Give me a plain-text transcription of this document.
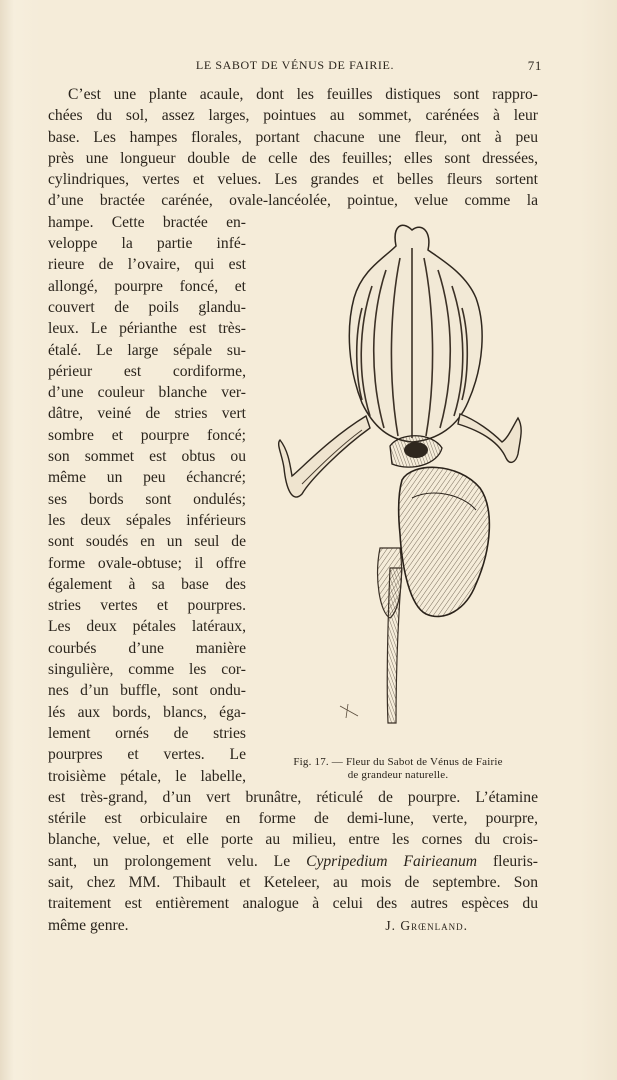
LE SABOT DE VÉNUS DE FAIRIE.	71
C’est une plante acaule, dont les feuilles distiques sont rappro-
chées du sol, assez larges, pointues au sommet, carénées à leur
base. Les hampes florales, portant chacune une fleur, ont à peu
près une longueur double de celle des feuilles; elles sont dressées,
cylindriques, vertes et velues. Les grandes et belles fleurs sortent
d’une bractée carénée, ovale-lancéolée, pointue, velue comme la
hampe. Cette bractée en-
veloppe la partie infé-
rieure de l’ovaire, qui est
allongé, pourpre foncé, et
couvert de poils glandu-
leux. Le périanthe est très-
étalé. Le large sépale su-
périeur est cordiforme,
d’une couleur blanche ver-
dâtre, veiné de stries vert
sombre et pourpre foncé;
son sommet est obtus ou
même un peu échancré;
ses bords sont ondulés;
les deux sépales inférieurs
sont soudés en un seul de
forme ovale-obtuse; il offre
également à sa base des
stries vertes et pourpres.
Les deux pétales latéraux,
courbés d’une manière
singulière, comme les cor-
nes d’un buffle, sont ondu-
lés aux bords, blancs, éga-
lement ornés de stries
pourpres et vertes. Le
troisième pétale, le labelle,
est très-grand, d’un vert brunâtre, réticulé de pourpre. L’étamine
stérile est orbiculaire en forme de demi-lune, verte, pourpre,
blanche, velue, et elle porte au milieu, entre les cornes du crois-
sant, un prolongement velu. Le Cypripedium Fairieanum fleuris-
sait, chez MM. Thibault et Keteleer, au mois de septembre. Son
traitement est entièrement analogue à celui des autres espèces du
même genre.	J. Grœnland.
Fig. 17. — Fleur du Sabot de Vénus de Fairie
de grandeur naturelle.
